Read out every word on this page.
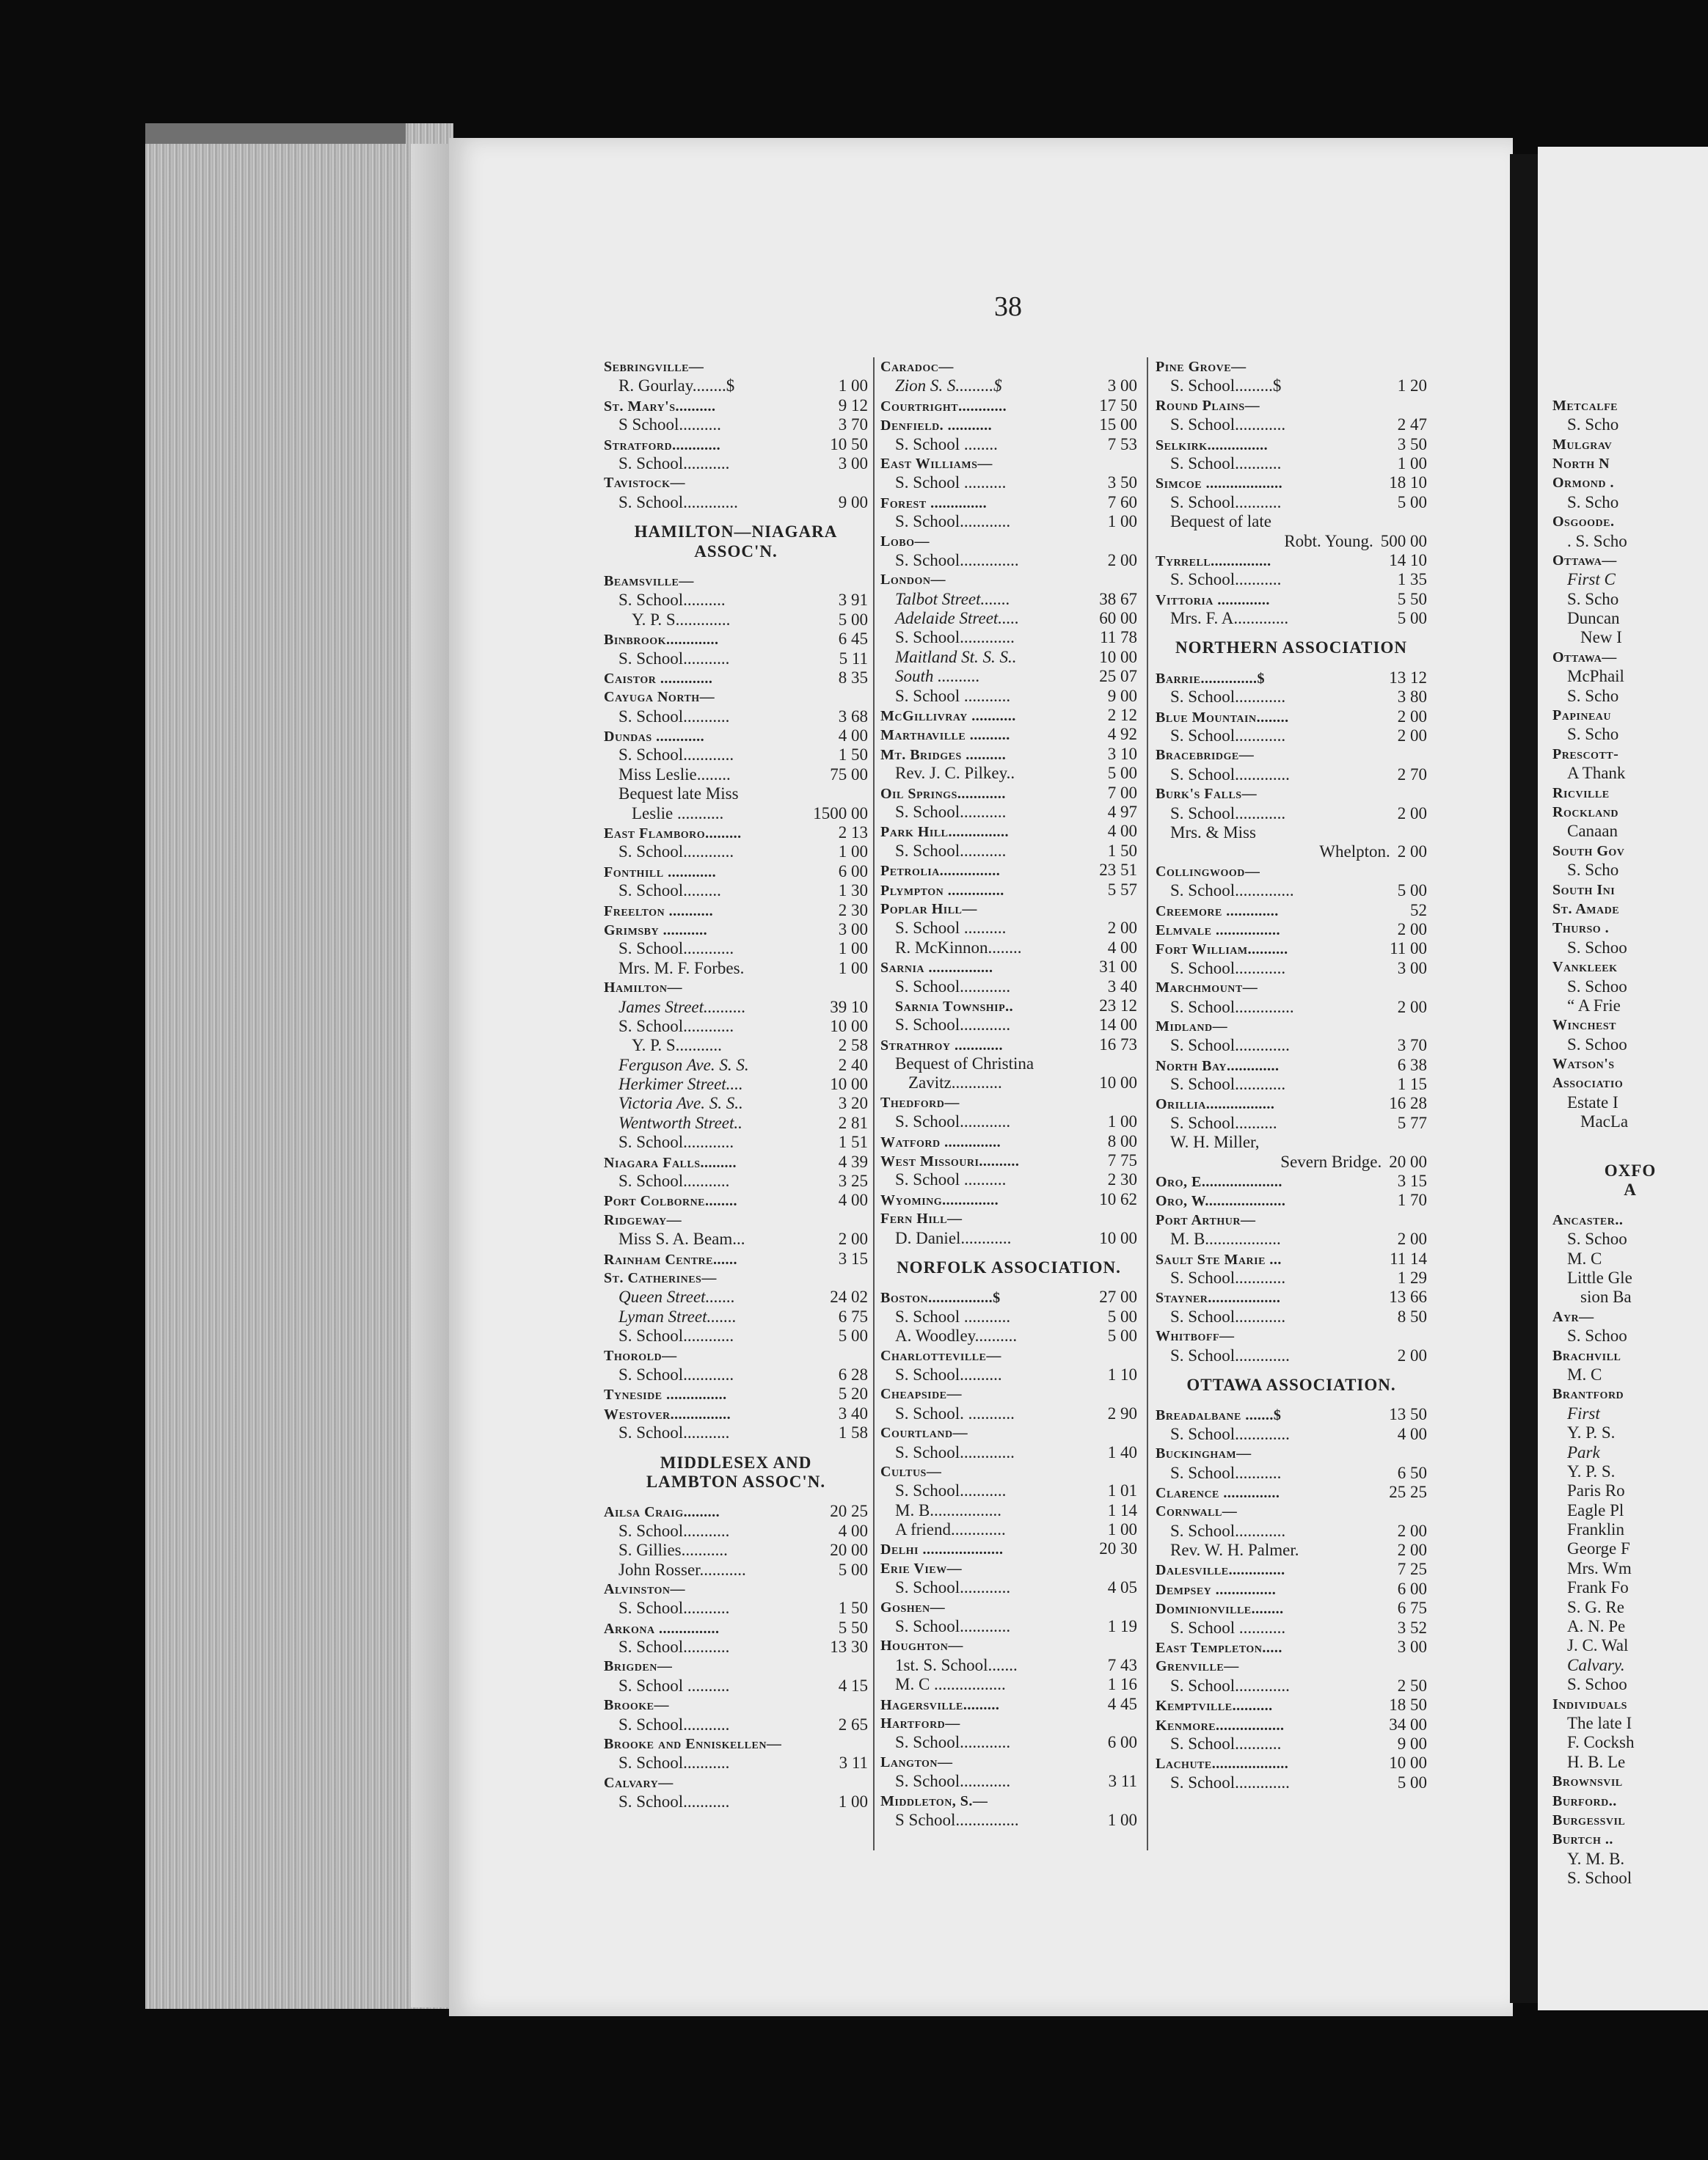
38
Sebringville—
R. Gourlay........$	1 00
St. Mary's..........	9 12
S School..........	3 70
Stratford............	10 50
S. School...........	3 00
Tavistock—
S. School.............	9 00
HAMILTON—NIAGARA
ASSOC'N.
Beamsville—
S. School..........	3 91
Y. P. S.............	5 00
Binbrook.............	6 45
S. School...........	5 11
Caistor .............	8 35
Cayuga North—
S. School...........	3 68
Dundas ............	4 00
S. School............	1 50
Miss Leslie........	75 00
Bequest late Miss
Leslie ...........	1500 00
East Flamboro.........	2 13
S. School............	1 00
Fonthill ............	6 00
S. School.........	1 30
Freelton ...........	2 30
Grimsby ...........	3 00
S. School............	1 00
Mrs. M. F. Forbes.	1 00
Hamilton—
James Street..........	39 10
S. School............	10 00
Y. P. S...........	2 58
Ferguson Ave. S. S.	2 40
Herkimer Street....	10 00
Victoria Ave. S. S..	3 20
Wentworth Street..	2 81
S. School............	1 51
Niagara Falls.........	4 39
S. School...........	3 25
Port Colborne........	4 00
Ridgeway—
Miss S. A. Beam...	2 00
Rainham Centre......	3 15
St. Catherines—
Queen Street.......	24 02
Lyman Street.......	6 75
S. School............	5 00
Thorold—
S. School............	6 28
Tyneside ...............	5 20
Westover...............	3 40
S. School...........	1 58
MIDDLESEX AND
LAMBTON ASSOC'N.
Ailsa Craig.........	20 25
S. School...........	4 00
S. Gillies...........	20 00
John Rosser...........	5 00
Alvinston—
S. School...........	1 50
Arkona ...............	5 50
S. School...........	13 30
Brigden—
S. School ..........	4 15
Brooke—
S. School...........	2 65
Brooke and Enniskellen—
S. School...........	3 11
Calvary—
S. School...........	1 00
Caradoc—
Zion S. S.........$	3 00
Courtright............	17 50
Denfield. ...........	15 00
S. School ........	7 53
East Williams—
S. School ..........	3 50
Forest ..............	7 60
S. School............	1 00
Lobo—
S. School..............	2 00
London—
Talbot Street.......	38 67
Adelaide Street.....	60 00
S. School.............	11 78
Maitland St. S. S..	10 00
South ..........	25 07
S. School ...........	9 00
McGillivray ...........	2 12
Marthaville ..........	4 92
Mt. Bridges ..........	3 10
Rev. J. C. Pilkey..	5 00
Oil Springs............	7 00
S. School...........	4 97
Park Hill...............	4 00
S. School...........	1 50
Petrolia...............	23 51
Plympton ..............	5 57
Poplar Hill—
S. School ..........	2 00
R. McKinnon........	4 00
Sarnia ................	31 00
S. School............	3 40
Sarnia Township..	23 12
S. School............	14 00
Strathroy ............	16 73
Bequest of Christina
Zavitz............	10 00
Thedford—
S. School............	1 00
Watford ..............	8 00
West Missouri..........	7 75
S. School ..........	2 30
Wyoming..............	10 62
Fern Hill—
D. Daniel............	10 00
NORFOLK ASSOCIATION.
Boston................$	27 00
S. School ...........	5 00
A. Woodley..........	5 00
Charlotteville—
S. School..........	1 10
Cheapside—
S. School. ...........	2 90
Courtland—
S. School.............	1 40
Cultus—
S. School...........	1 01
M. B.................	1 14
A friend.............	1 00
Delhi ....................	20 30
Erie View—
S. School............	4 05
Goshen—
S. School............	1 19
Houghton—
1st. S. School.......	7 43
M. C .................	1 16
Hagersville.........	4 45
Hartford—
S. School............	6 00
Langton—
S. School............	3 11
Middleton, S.—
S School...............	1 00
Pine Grove—
S. School.........$	1 20
Round Plains—
S. School............	2 47
Selkirk...............	3 50
S. School...........	1 00
Simcoe ...................	18 10
S. School...........	5 00
Bequest of late
Robt. Young. 500 00
Tyrrell...............	14 10
S. School...........	1 35
Vittoria .............	5 50
Mrs. F. A.............	5 00
NORTHERN ASSOCIATION
Barrie..............$	13 12
S. School............	3 80
Blue Mountain........	2 00
S. School............	2 00
Bracebridge—
S. School.............	2 70
Burk's Falls—
S. School............	2 00
Mrs. & Miss
Whelpton. 2 00
Collingwood—
S. School..............	5 00
Creemore .............	52
Elmvale ................	2 00
Fort William..........	11 00
S. School............	3 00
Marchmount—
S. School..............	2 00
Midland—
S. School.............	3 70
North Bay.............	6 38
S. School............	1 15
Orillia.................	16 28
S. School..........	5 77
W. H. Miller,
Severn Bridge. 20 00
Oro, E....................	3 15
Oro, W....................	1 70
Port Arthur—
M. B..................	2 00
Sault Ste Marie ...	11 14
S. School............	1 29
Stayner..................	13 66
S. School............	8 50
Whitboff—
S. School.............	2 00
OTTAWA ASSOCIATION.
Breadalbane .......$	13 50
S. School.............	4 00
Buckingham—
S. School...........	6 50
Clarence ..............	25 25
Cornwall—
S. School............	2 00
Rev. W. H. Palmer.	2 00
Dalesville..............	7 25
Dempsey ...............	6 00
Dominionville........	6 75
S. School ...........	3 52
East Templeton.....	3 00
Grenville—
S. School.............	2 50
Kemptville..........	18 50
Kenmore.................	34 00
S. School...........	9 00
Lachute...................	10 00
S. School.............	5 00
Metcalfe
S. Scho
Mulgrav
North N
Ormond .
S. Scho
Osgoode.
. S. Scho
Ottawa—
First C
S. Scho
Duncan
New I
Ottawa—
McPhail
S. Scho
Papineau
S. Scho
Prescott-
A Thank
Ricville
Rockland
Canaan
South Gov
S. Scho
South Ini
St. Amade
Thurso .
S. Schoo
Vankleek
S. Schoo
“ A Frie
Winchest
S. Schoo
Watson's
Associatio
Estate I
MacLa
OXFO
A
Ancaster..
S. Schoo
M. C
Little Gle
sion Ba
Ayr—
S. Schoo
Brachvill
M. C
Brantford
First
Y. P. S.
Park
Y. P. S.
Paris Ro
Eagle Pl
Franklin
George F
Mrs. Wm
Frank Fo
S. G. Re
A. N. Pe
J. C. Wal
Calvary.
S. Schoo
Individuals
The late I
F. Cocksh
H. B. Le
Brownsvil
Burford..
Burgessvil
Burtch ..
Y. M. B.
S. School
